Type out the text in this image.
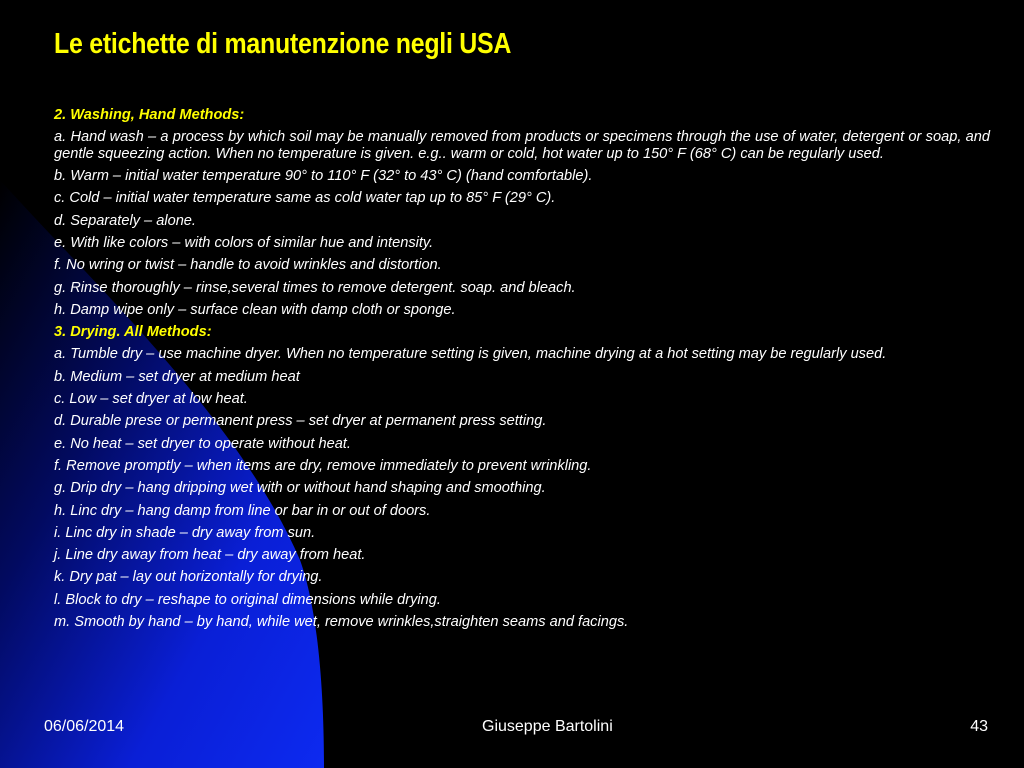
Le etichette di manutenzione negli USA

2. Washing, Hand Methods:

a. Hand wash – a process by which soil may be manually removed from products or specimens through the use of water, detergent or soap, and gentle squeezing action. When no temperature is given. e.g.. warm or cold, hot water up to 150° F (68° C) can be regularly used.

b. Warm – initial water temperature 90° to 110° F (32° to 43° C) (hand comfortable).

c. Cold – initial water temperature same as cold water tap up to 85° F (29° C).

d. Separately – alone.

e. With like colors – with colors of similar hue and intensity.

f. No wring or twist – handle to avoid wrinkles and distortion.

g. Rinse thoroughly – rinse,several times to remove detergent. soap. and bleach.

h. Damp wipe only – surface clean with damp cloth or sponge.

3. Drying. All Methods:

a. Tumble dry – use machine dryer. When no temperature setting is given, machine drying at a hot setting may be regularly used.

b. Medium – set dryer at medium heat

c. Low – set dryer at low heat.

d. Durable prese or permanent press – set dryer at permanent press setting.

e. No heat – set dryer to operate without heat.

f. Remove promptly – when items are dry, remove immediately to prevent wrinkling.

g. Drip dry – hang dripping wet with or without hand shaping and smoothing.

h. Linc dry – hang damp from line or bar in or out of doors.

i. Linc dry in shade – dry away from sun.

j. Line dry away from heat – dry away from heat.

k. Dry pat – lay out horizontally for drying.

l. Block to dry – reshape to original dimensions while drying.

m. Smooth by hand – by hand, while wet, remove wrinkles,straighten seams and facings.

06/06/2014	Giuseppe Bartolini	43
